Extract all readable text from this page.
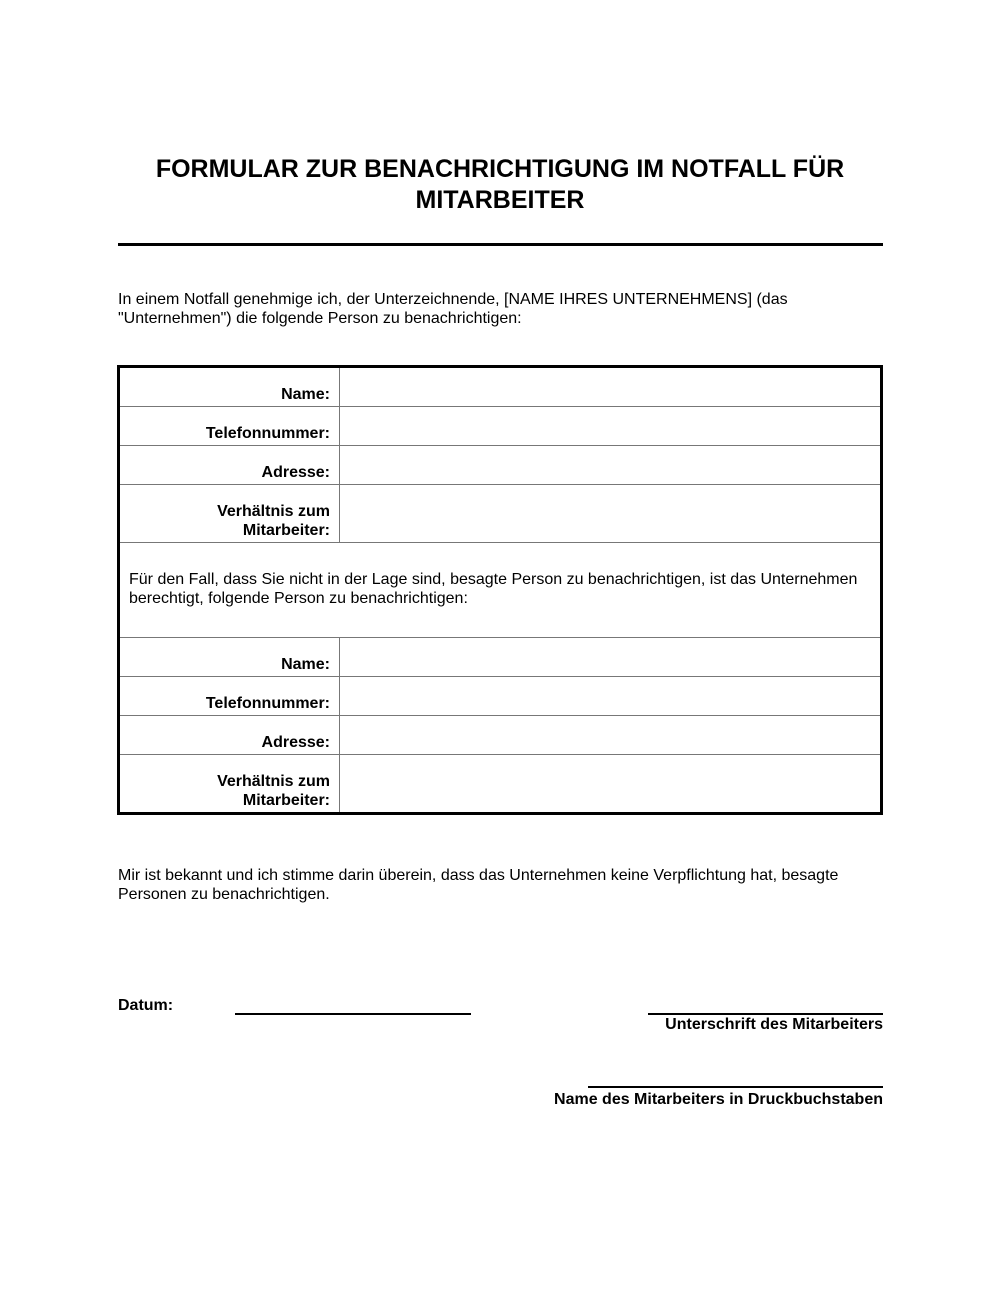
FORMULAR ZUR BENACHRICHTIGUNG IM NOTFALL FÜR MITARBEITER
In einem Notfall genehmige ich, der Unterzeichnende, [NAME IHRES UNTERNEHMENS] (das "Unternehmen") die folgende Person zu benachrichtigen:
Name:	
Telefonnummer:	
Adresse:	
Verhältnis zum Mitarbeiter:	
Für den Fall, dass Sie nicht in der Lage sind, besagte Person zu benachrichtigen, ist das Unternehmen berechtigt, folgende Person zu benachrichtigen:	
Name:	
Telefonnummer:	
Adresse:	
Verhältnis zum Mitarbeiter:	
Mir ist bekannt und ich stimme darin überein, dass das Unternehmen keine Verpflichtung hat, besagte Personen zu benachrichtigen.
Datum:
Unterschrift des Mitarbeiters
Name des Mitarbeiters in Druckbuchstaben
